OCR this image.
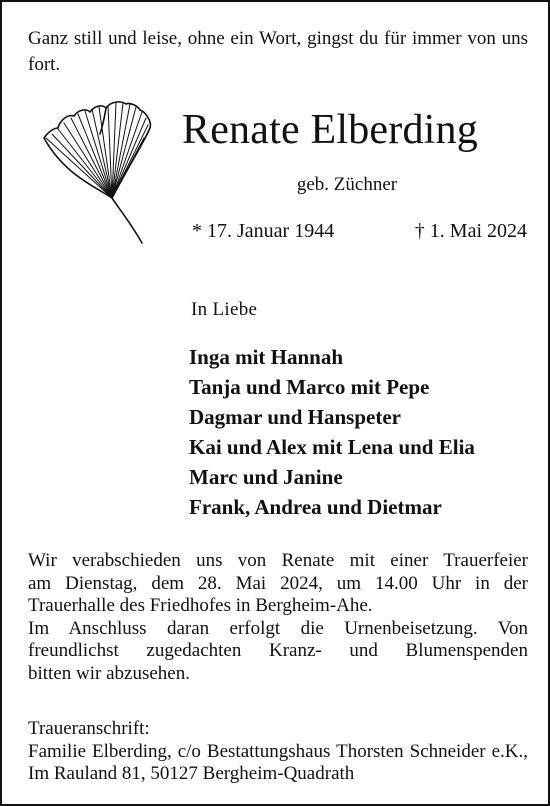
Ganz still und leise, ohne ein Wort, gingst du für immer von uns fort.

Renate Elberding

geb. Züchner

* 17. Januar 1944	† 1. Mai 2024

In Liebe

Inga mit Hannah
Tanja und Marco mit Pepe
Dagmar und Hanspeter
Kai und Alex mit Lena und Elia
Marc und Janine
Frank, Andrea und Dietmar

Wir verabschieden uns von Renate mit einer Trauerfeier
am Dienstag, dem 28. Mai 2024, um 14.00 Uhr in der
Trauerhalle des Friedhofes in Bergheim-Ahe.
Im Anschluss daran erfolgt die Urnenbeisetzung. Von
freundlichst zugedachten Kranz- und Blumenspenden
bitten wir abzusehen.

Traueranschrift:
Familie Elberding, c/o Bestattungshaus Thorsten Schneider e.K.,
Im Rauland 81, 50127 Bergheim-Quadrath
